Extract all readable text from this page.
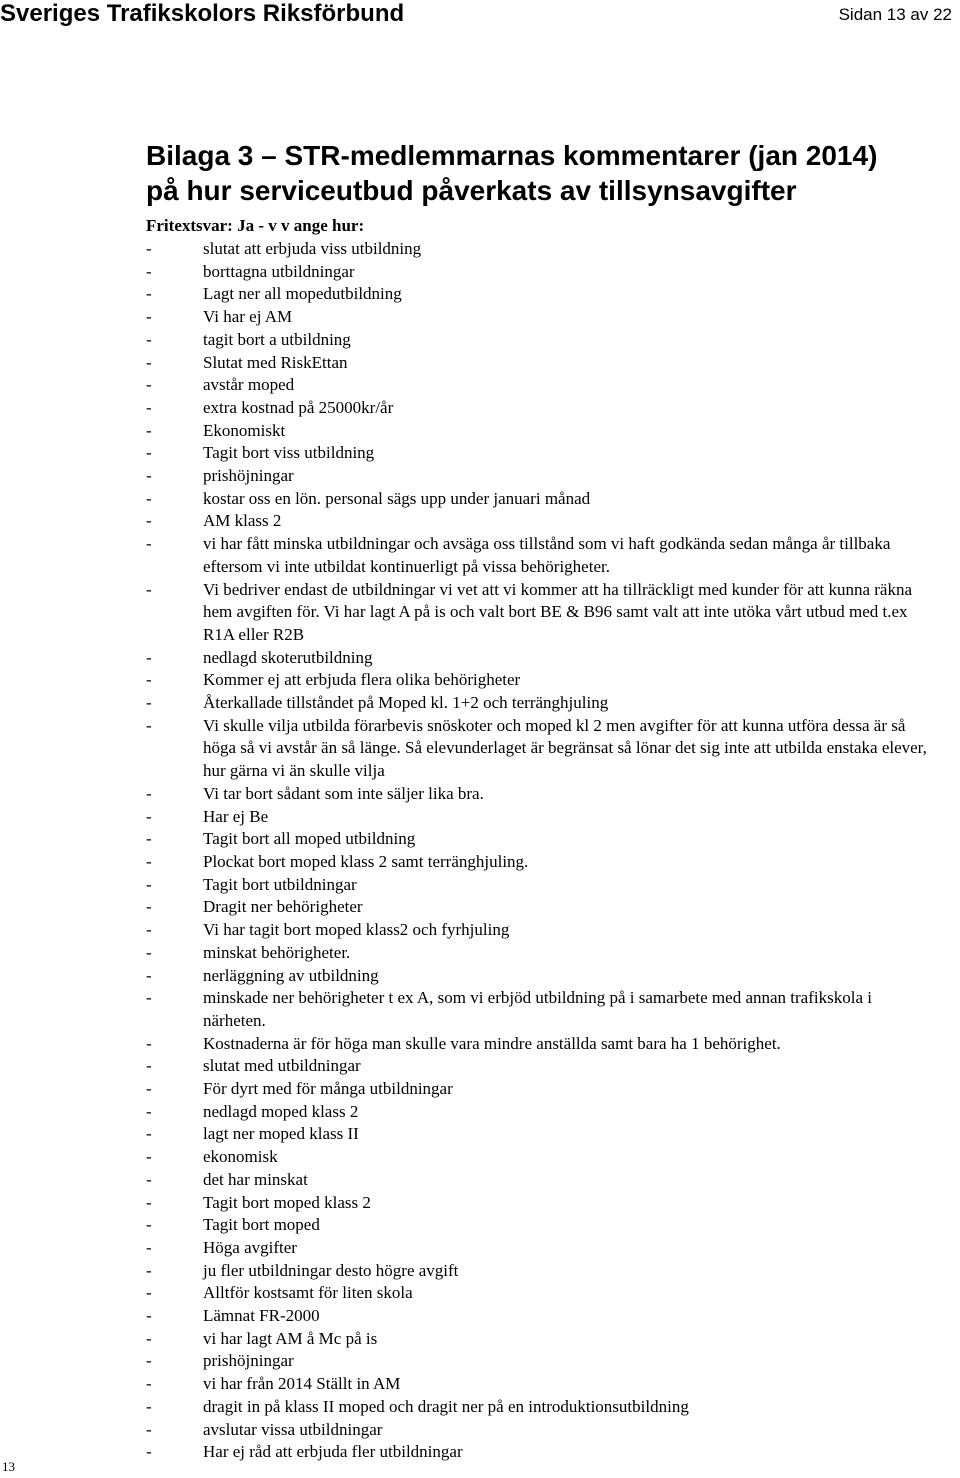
Sveriges Trafikskolors Riksförbund	Sidan 13 av 22
Bilaga 3 – STR-medlemmarnas kommentarer (jan 2014)
på hur serviceutbud påverkats av tillsynsavgifter
Fritextsvar: Ja - v v ange hur:
-	slutat att erbjuda viss utbildning
-	borttagna utbildningar
-	Lagt ner all mopedutbildning
-	Vi har ej AM
-	tagit bort a utbildning
-	Slutat med RiskEttan
-	avstår moped
-	extra kostnad på 25000kr/år
-	Ekonomiskt
-	Tagit bort viss utbildning
-	prishöjningar
-	kostar oss en lön. personal sägs upp under januari månad
-	AM klass 2
-	vi har fått minska utbildningar och avsäga oss tillstånd som vi haft godkända sedan många år tillbaka eftersom vi inte utbildat kontinuerligt på vissa behörigheter.
-	Vi bedriver endast de utbildningar vi vet att vi kommer att ha tillräckligt med kunder för att kunna räkna hem avgiften för. Vi har lagt A på is och valt bort BE & B96 samt valt att inte utöka vårt utbud med t.ex R1A eller R2B
-	nedlagd skoterutbildning
-	Kommer ej att erbjuda flera olika behörigheter
-	Återkallade tillståndet på Moped kl. 1+2 och terränghjuling
-	Vi skulle vilja utbilda förarbevis snöskoter och moped kl 2 men avgifter för att kunna utföra dessa är så höga så vi avstår än så länge. Så elevunderlaget är begränsat så lönar det sig inte att utbilda enstaka elever, hur gärna vi än skulle vilja
-	Vi tar bort sådant som inte säljer lika bra.
-	Har ej Be
-	Tagit bort all moped utbildning
-	Plockat bort moped klass 2 samt terränghjuling.
-	Tagit bort utbildningar
-	Dragit ner behörigheter
-	Vi har tagit bort moped klass2 och fyrhjuling
-	minskat behörigheter.
-	nerläggning av utbildning
-	minskade ner behörigheter t ex A, som vi erbjöd utbildning på i samarbete med annan trafikskola i närheten.
-	Kostnaderna är för höga man skulle vara mindre anställda samt bara ha 1 behörighet.
-	slutat med utbildningar
-	För dyrt med för många utbildningar
-	nedlagd moped klass 2
-	lagt ner moped klass II
-	ekonomisk
-	det har minskat
-	Tagit bort moped klass 2
-	Tagit bort moped
-	Höga avgifter
-	ju fler utbildningar desto högre avgift
-	Alltför kostsamt för liten skola
-	Lämnat FR-2000
-	vi har lagt AM å Mc på is
-	prishöjningar
-	vi har från 2014 Ställt in AM
-	dragit in på klass II moped och dragit ner på en introduktionsutbildning
-	avslutar vissa utbildningar
-	Har ej råd att erbjuda fler utbildningar
13
